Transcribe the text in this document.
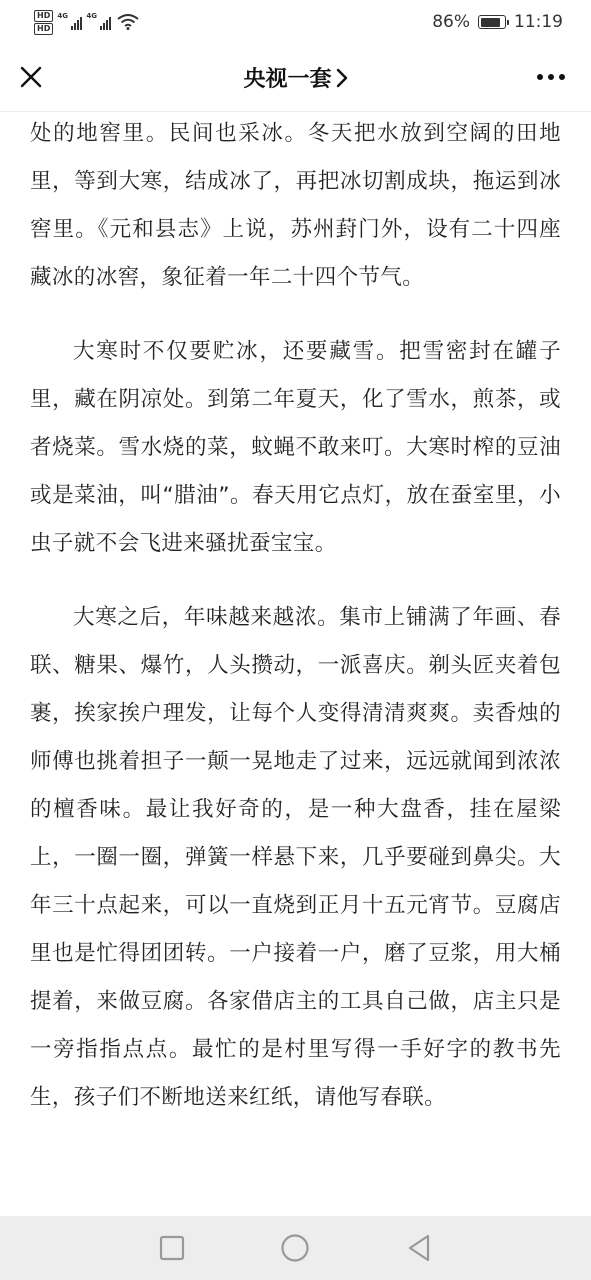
HD
HD
4G	4G	86%	11:19
央视一套

处的地窖里。民间也采冰。冬天把水放到空阔的田地里，等到大寒，结成冰了，再把冰切割成块，拖运到冰窖里。《元和县志》上说，苏州葑门外，设有二十四座藏冰的冰窖，象征着一年二十四个节气。

大寒时不仅要贮冰，还要藏雪。把雪密封在罐子里，藏在阴凉处。到第二年夏天，化了雪水，煎茶，或者烧菜。雪水烧的菜，蚊蝇不敢来叮。大寒时榨的豆油或是菜油，叫“腊油”。春天用它点灯，放在蚕室里，小虫子就不会飞进来骚扰蚕宝宝。

大寒之后，年味越来越浓。集市上铺满了年画、春联、糖果、爆竹，人头攒动，一派喜庆。剃头匠夹着包裹，挨家挨户理发，让每个人变得清清爽爽。卖香烛的师傅也挑着担子一颠一晃地走了过来，远远就闻到浓浓的檀香味。最让我好奇的，是一种大盘香，挂在屋梁上，一圈一圈，弹簧一样悬下来，几乎要碰到鼻尖。大年三十点起来，可以一直烧到正月十五元宵节。豆腐店里也是忙得团团转。一户接着一户，磨了豆浆，用大桶提着，来做豆腐。各家借店主的工具自己做，店主只是一旁指指点点。最忙的是村里写得一手好字的教书先生，孩子们不断地送来红纸，请他写春联。
